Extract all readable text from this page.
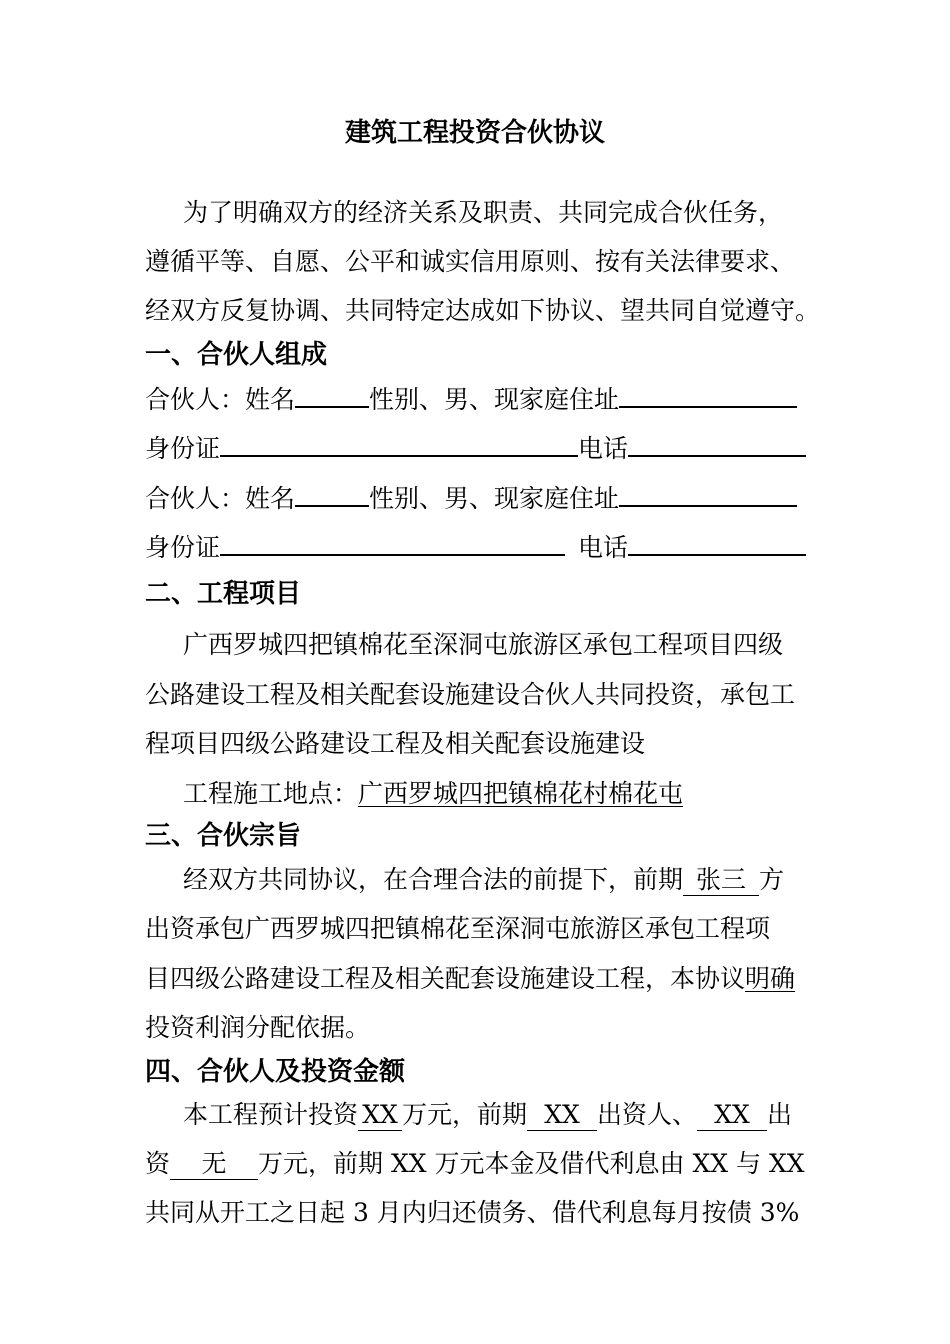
建筑工程投资合伙协议
为了明确双方的经济关系及职责、共同完成合伙任务，
遵循平等、自愿、公平和诚实信用原则、按有关法律要求、
经双方反复协调、共同特定达成如下协议、望共同自觉遵守。
一、合伙人组成
合伙人：姓名	性别、男、现家庭住址
身份证	电话
合伙人：姓名	性别、男、现家庭住址
身份证	电话
二、工程项目
广西罗城四把镇棉花至深洞屯旅游区承包工程项目四级
公路建设工程及相关配套设施建设合伙人共同投资，承包工
程项目四级公路建设工程及相关配套设施建设
工程施工地点：广西罗城四把镇棉花村棉花屯
三、合伙宗旨
经双方共同协议，在合理合法的前提下，前期 张三 方
出资承包广西罗城四把镇棉花至深洞屯旅游区承包工程项
目四级公路建设工程及相关配套设施建设工程，本协议明确
投资利润分配依据。
四、合伙人及投资金额
本工程预计投资 XX 万元，前期 XX 出资人、 XX 出
资 无 万元，前期 XX 万元本金及借代利息由 XX 与 XX
共同从开工之日起 3 月内归还债务、借代利息每月按债 3%
